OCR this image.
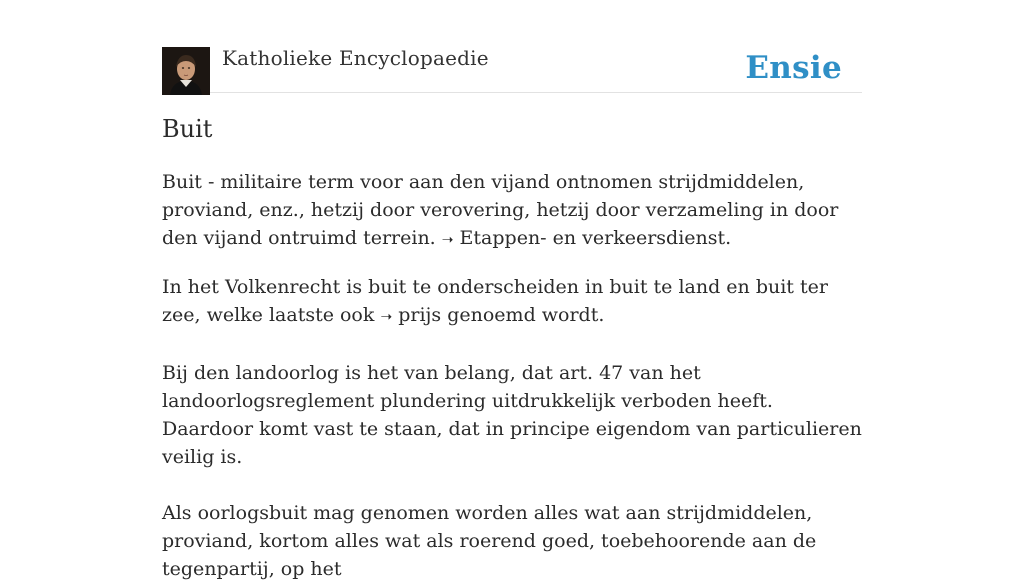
Katholieke Encyclopaedie	Ensie
Buit

Buit - militaire term voor aan den vijand ontnomen strijdmiddelen, proviand, enz., hetzij door verovering, hetzij door verzameling in door den vijand ontruimd terrein. ➝ Etappen- en verkeersdienst.

In het Volkenrecht is buit te onderscheiden in buit te land en buit ter zee, welke laatste ook ➝ prijs genoemd wordt.

Bij den landoorlog is het van belang, dat art. 47 van het landoorlogsreglement plundering uitdrukkelijk verboden heeft. Daardoor komt vast te staan, dat in principe eigendom van particulieren veilig is.

Als oorlogsbuit mag genomen worden alles wat aan strijdmiddelen, proviand, kortom alles wat als roerend goed, toebehoorende aan de tegenpartij, op het
